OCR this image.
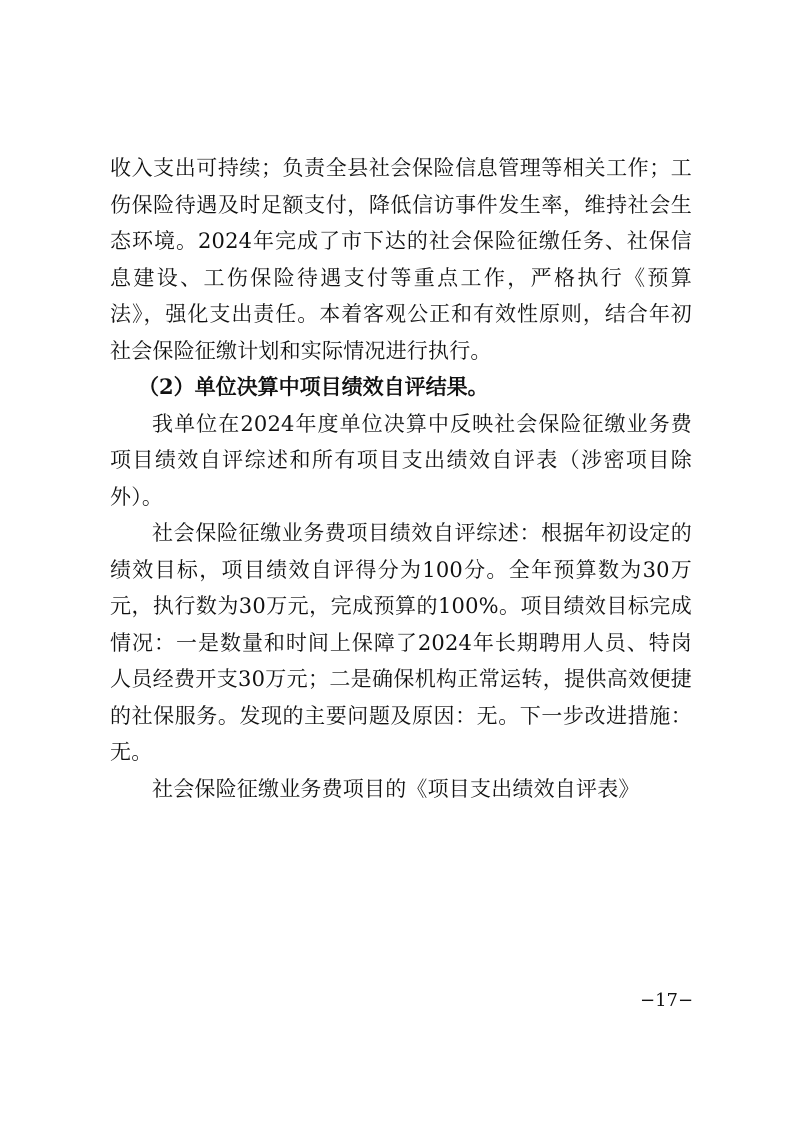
收入支出可持续；负责全县社会保险信息管理等相关工作；工伤保险待遇及时足额支付，降低信访事件发生率，维持社会生态环境。2024年完成了市下达的社会保险征缴任务、社保信息建设、工伤保险待遇支付等重点工作，严格执行《预算法》，强化支出责任。本着客观公正和有效性原则，结合年初社会保险征缴计划和实际情况进行执行。

（2）单位决算中项目绩效自评结果。

我单位在2024年度单位决算中反映社会保险征缴业务费项目绩效自评综述和所有项目支出绩效自评表（涉密项目除外）。

社会保险征缴业务费项目绩效自评综述：根据年初设定的绩效目标，项目绩效自评得分为100分。全年预算数为30万元，执行数为30万元，完成预算的100%。项目绩效目标完成情况：一是数量和时间上保障了2024年长期聘用人员、特岗人员经费开支30万元；二是确保机构正常运转，提供高效便捷的社保服务。发现的主要问题及原因：无。下一步改进措施：无。

社会保险征缴业务费项目的《项目支出绩效自评表》

−17−
